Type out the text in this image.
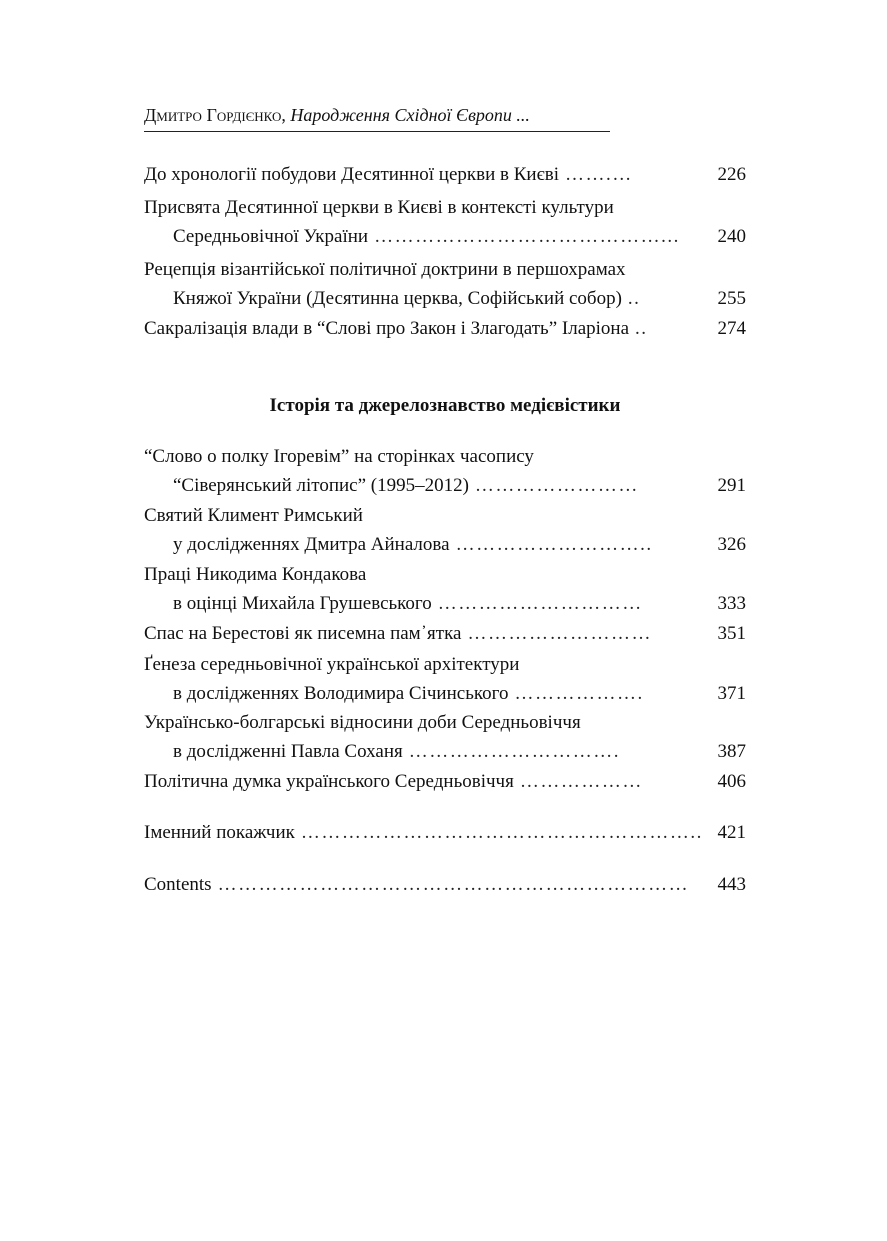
Дмитро Гордієнко, Народження Східної Європи ...
До хронології побудови Десятинної церкви в Києві …….…	226
Присвята Десятинної церкви в Києві в контексті культури
Середньовічної України ……………………………………...	240
Рецепція візантійської політичної доктрини в першохрамах
Княжої України (Десятинна церква, Софійський собор) ..	255
Сакралізація влади в “Слові про Закон і Злагодать” Іларіона ..	274
Історія та джерелознавство медієвістики
“Слово о полку Ігоревім” на сторінках часопису
“Сіверянський літопис” (1995–2012) ……………………	291
Святий Климент Римський
у дослідженнях Дмитра Айналова ………………………..	326
Праці Никодима Кондакова
в оцінці Михайла Грушевського …………………………	333
Спас на Берестові як писемна пам᾽ятка ………………………	351
Ґенеза середньовічної української архітектури
в дослідженнях Володимира Січинського ……………….	371
Українсько-болгарські відносини доби Середньовіччя
в дослідженні Павла Соханя ………………………….	387
Політична думка українського Середньовіччя ………………	406
Іменний покажчик ………………………………………………….. 421
Contents ……………………………………………………………	443
